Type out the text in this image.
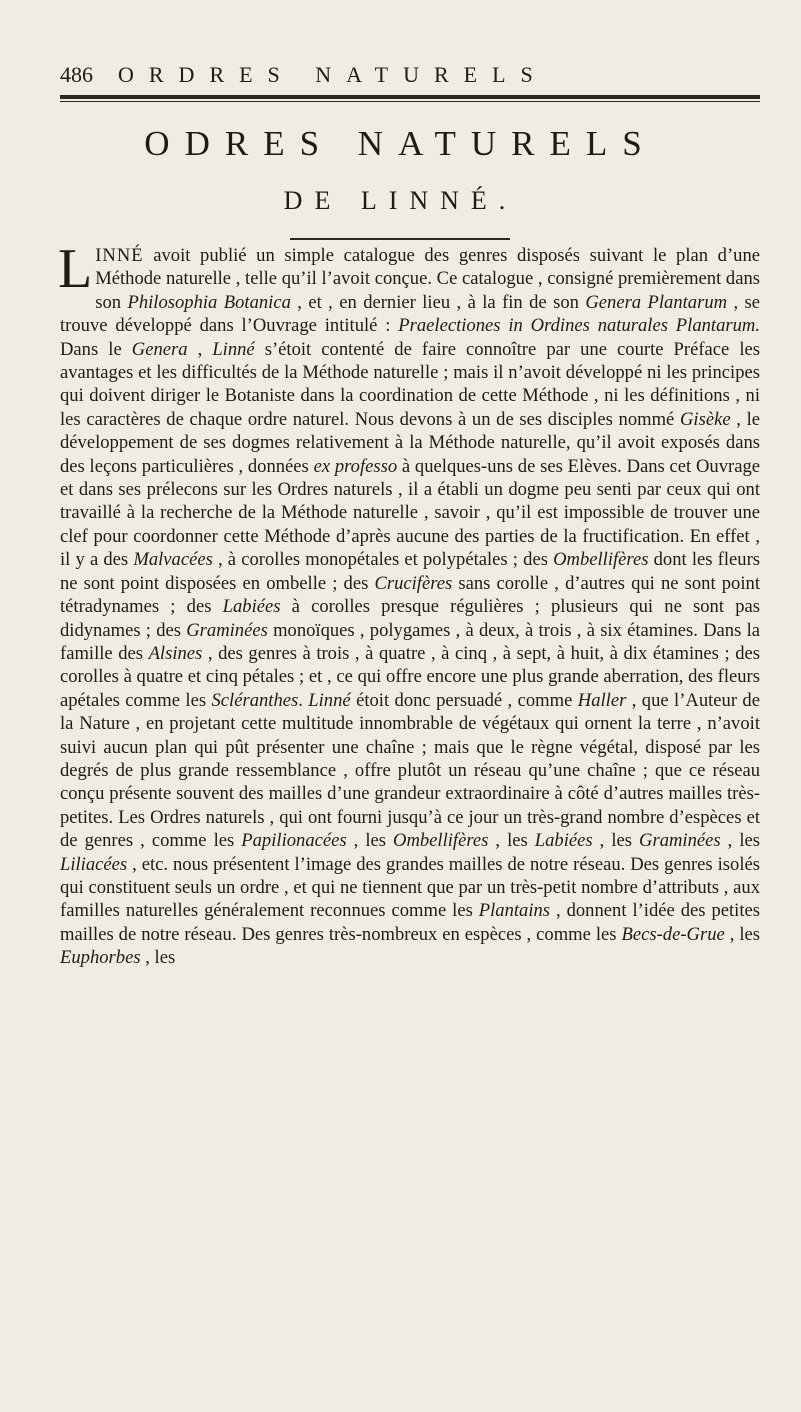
486 ORDRES NATURELS
ODRES NATURELS
DE LINNÉ.

LINNÉ avoit publié un simple catalogue des genres disposés suivant le plan d’une Méthode naturelle , telle qu’il l’avoit conçue. Ce catalogue , consigné premièrement dans son Philosophia Botanica , et , en dernier lieu , à la fin de son Genera Plantarum , se trouve développé dans l’Ouvrage intitulé : Praelectiones in Ordines naturales Plantarum. Dans le Genera , Linné s’étoit contenté de faire connoître par une courte Préface les avantages et les difficultés de la Méthode naturelle ; mais il n’avoit développé ni les principes qui doivent diriger le Botaniste dans la coordination de cette Méthode , ni les définitions , ni les caractères de chaque ordre naturel. Nous devons à un de ses disciples nommé Gisèke , le développement de ses dogmes relativement à la Méthode naturelle, qu’il avoit exposés dans des leçons particulières , données ex professo à quelques-uns de ses Elèves. Dans cet Ouvrage et dans ses prélecons sur les Ordres naturels , il a établi un dogme peu senti par ceux qui ont travaillé à la recherche de la Méthode naturelle , savoir , qu’il est impossible de trouver une clef pour coordonner cette Méthode d’après aucune des parties de la fructification. En effet , il y a des Malvacées , à corolles monopétales et polypétales ; des Ombellifères dont les fleurs ne sont point disposées en ombelle ; des Crucifères sans corolle , d’autres qui ne sont point tétradynames ; des Labiées à corolles presque régulières ; plusieurs qui ne sont pas didynames ; des Graminées monoïques , polygames , à deux, à trois , à six étamines. Dans la famille des Alsines , des genres à trois , à quatre , à cinq , à sept, à huit, à dix étamines ; des corolles à quatre et cinq pétales ; et , ce qui offre encore une plus grande aberration, des fleurs apétales comme les Scléranthes. Linné étoit donc persuadé , comme Haller , que l’Auteur de la Nature , en projetant cette multitude innombrable de végétaux qui ornent la terre , n’avoit suivi aucun plan qui pût présenter une chaîne ; mais que le règne végétal, disposé par les degrés de plus grande ressemblance , offre plutôt un réseau qu’une chaîne ; que ce réseau conçu présente souvent des mailles d’une grandeur extraordinaire à côté d’autres mailles très-petites. Les Ordres naturels , qui ont fourni jusqu’à ce jour un très-grand nombre d’espèces et de genres , comme les Papilionacées , les Ombellifères , les Labiées , les Graminées , les Liliacées , etc. nous présentent l’image des grandes mailles de notre réseau. Des genres isolés qui constituent seuls un ordre , et qui ne tiennent que par un très-petit nombre d’attributs , aux familles naturelles généralement reconnues comme les Plantains , donnent l’idée des petites mailles de notre réseau. Des genres très-nombreux en espèces , comme les Becs-de-Grue , les Euphorbes , les
